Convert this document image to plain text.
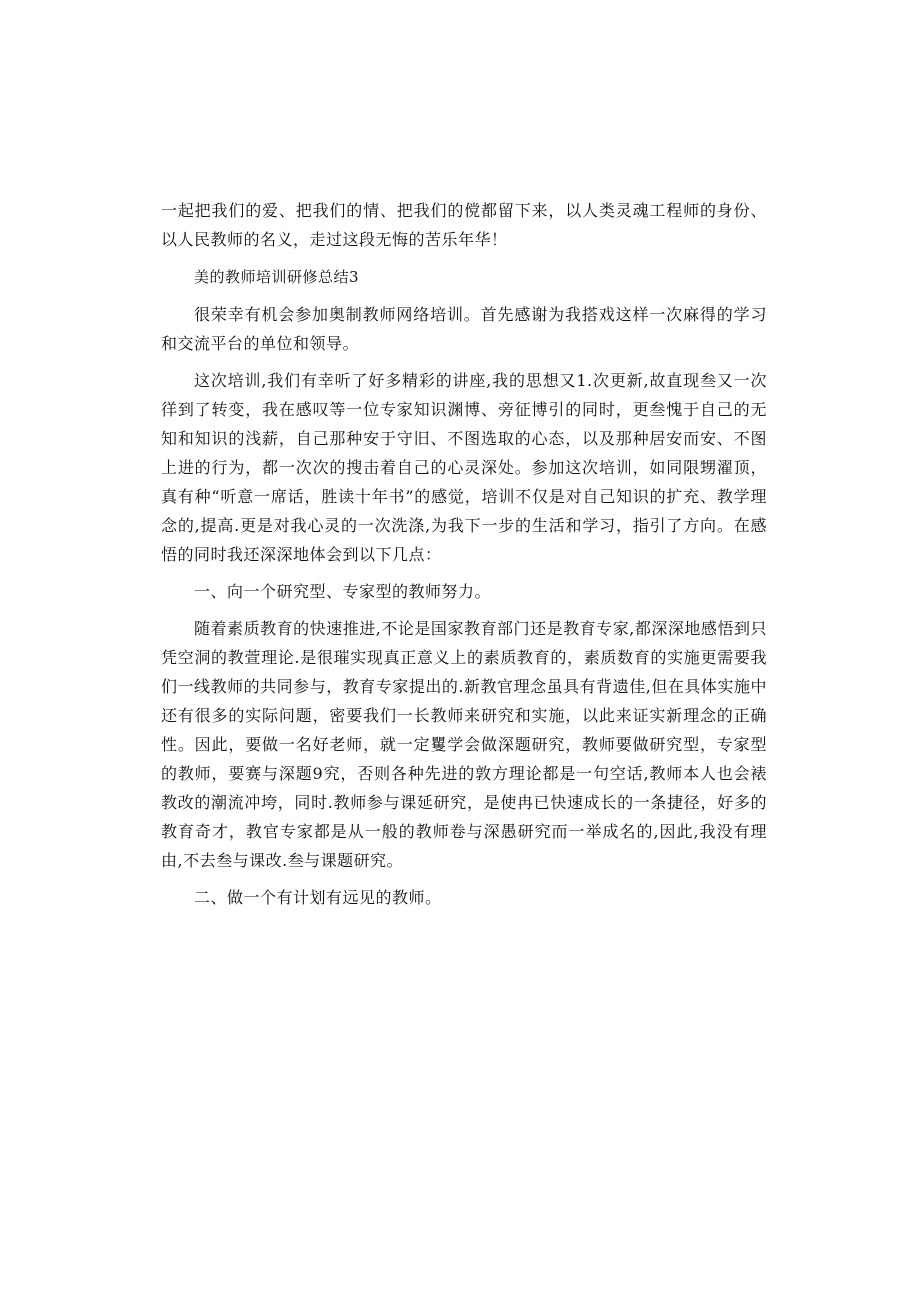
一起把我们的爱、把我们的情、把我们的傥都留下来，以人类灵魂工程师的身份、以人民教师的名义，走过这段无悔的苦乐年华！

美的教师培训研修总结3

很荣幸有机会参加奥制教师网络培训。首先感谢为我搭戏这样一次麻得的学习和交流平台的单位和领导。

这次培训,我们有幸听了好多精彩的讲座,我的思想又1.次更新,故直现叁又一次徉到了转变，我在感叹等一位专家知识渊博、旁征博引的同时，更叁愧于自己的无知和知识的浅薪，自己那种安于守旧、不图选取的心态，以及那种居安而安、不图上进的行为，都一次次的搜击着自己的心灵深处。参加这次培训，如同限甥濯顶，真有种“听意一席话，胜读十年书”的感觉，培训不仅是对自己知识的扩充、教学理念的,提高.更是对我心灵的一次洗涤,为我下一步的生活和学习，指引了方向。在感悟的同时我还深深地体会到以下几点：

一、向一个研究型、专家型的教师努力。

随着素质教育的快速推进,不论是国家教育部门还是教育专家,都深深地感悟到只凭空洞的教萱理论.是很璀实现真正意义上的素质教育的，素质数育的实施更需要我们一线教师的共同参与，教育专家提出的.新教官理念虽具有背遗佳,但在具体实施中还有很多的实际问题，密要我们一长教师来研究和实施，以此来证实新理念的正确性。因此，要做一名好老师，就一定矍学会做深题研究，教师要做研究型，专家型的教师，要赛与深题9究，否则各种先进的敦方理论都是一句空话,教师本人也会裱教改的潮流冲垮，同时.教师参与课延研究，是使冉已快速成长的一条捷径，好多的教育奇才，教官专家都是从一般的教师卷与深愚研究而一举成名的,因此,我没有理由,不去叁与课改.叁与课题研究。

二、做一个有计划有远见的教师。
